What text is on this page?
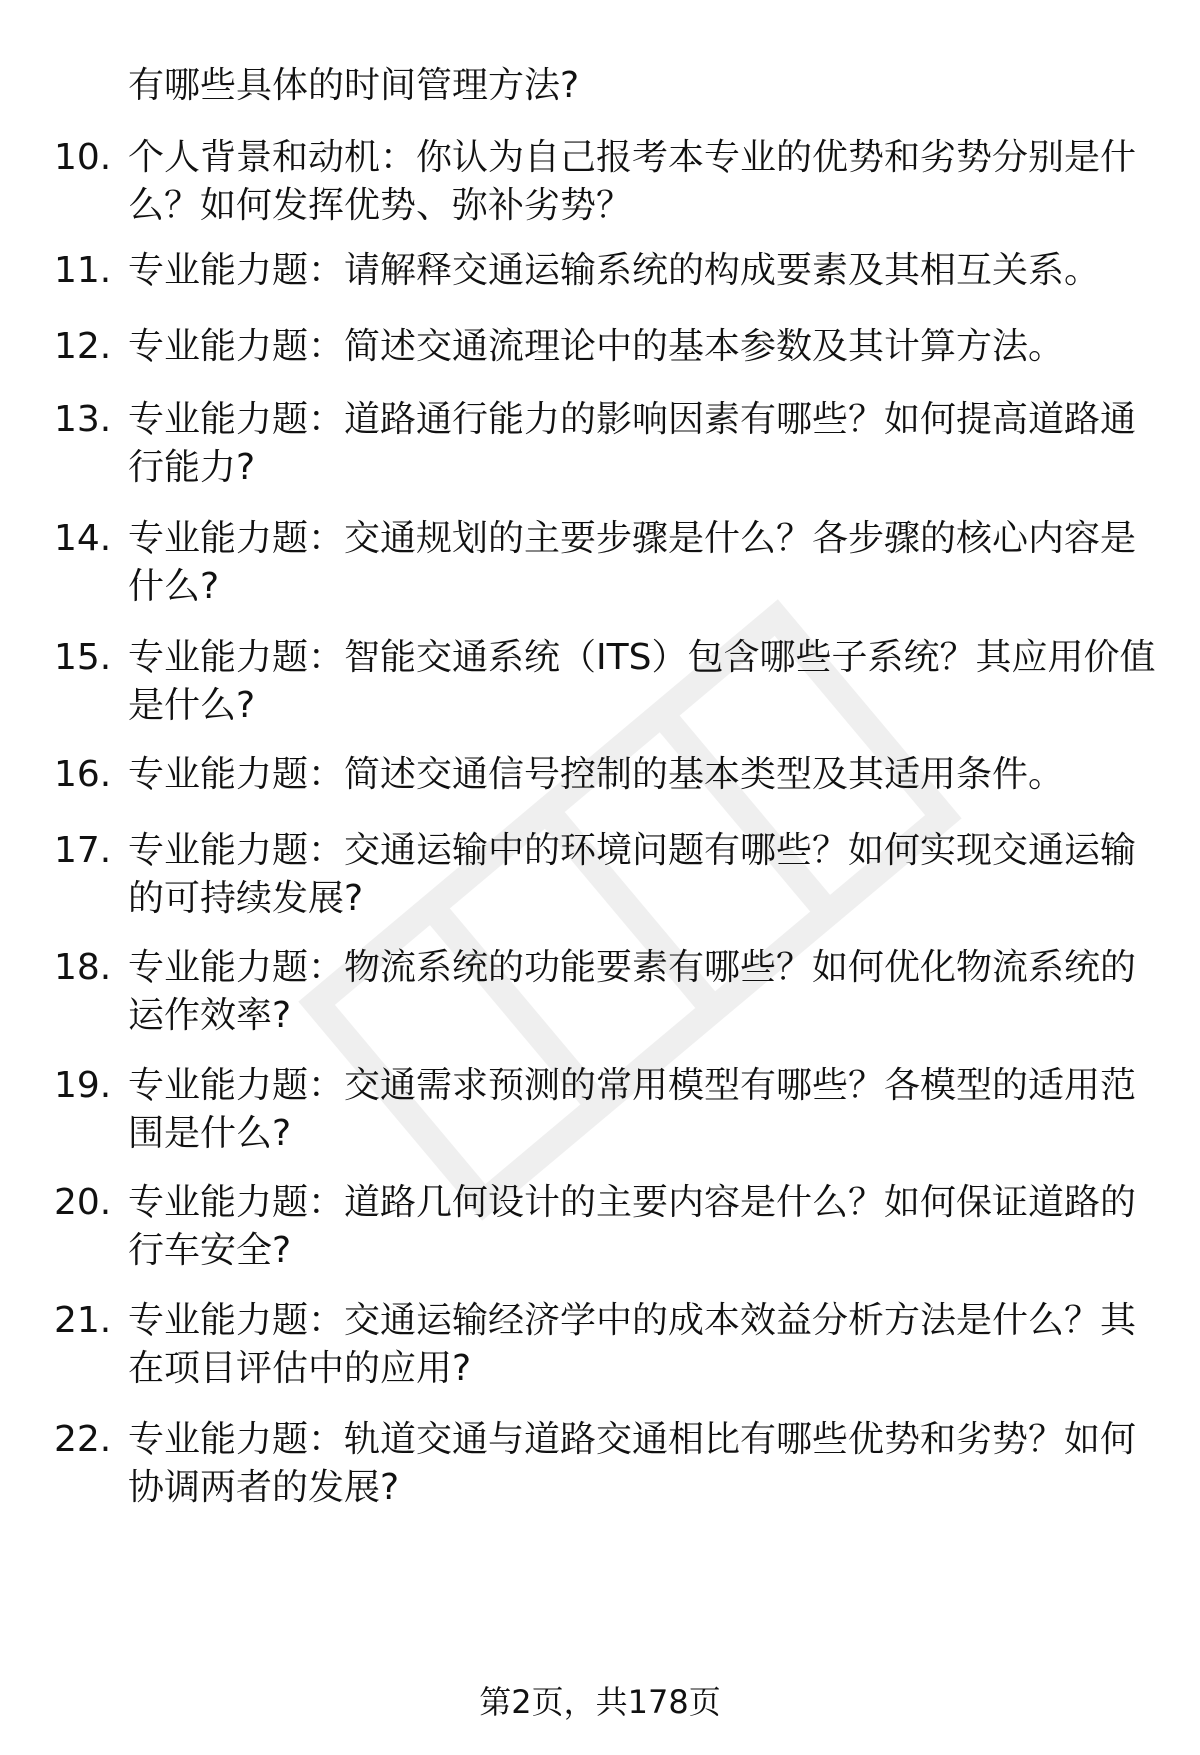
有哪些具体的时间管理方法?
10. 个人背景和动机：你认为自己报考本专业的优势和劣势分别是什
么？如何发挥优势、弥补劣势？
11. 专业能力题：请解释交通运输系统的构成要素及其相互关系。
12. 专业能力题：简述交通流理论中的基本参数及其计算方法。
13. 专业能力题：道路通行能力的影响因素有哪些？如何提高道路通
行能力?
14. 专业能力题：交通规划的主要步骤是什么？各步骤的核心内容是
什么?
15. 专业能力题：智能交通系统（ITS）包含哪些子系统？其应用价值
是什么?
16. 专业能力题：简述交通信号控制的基本类型及其适用条件。
17. 专业能力题：交通运输中的环境问题有哪些？如何实现交通运输
的可持续发展?
18. 专业能力题：物流系统的功能要素有哪些？如何优化物流系统的
运作效率?
19. 专业能力题：交通需求预测的常用模型有哪些？各模型的适用范
围是什么?
20. 专业能力题：道路几何设计的主要内容是什么？如何保证道路的
行车安全?
21. 专业能力题：交通运输经济学中的成本效益分析方法是什么？其
在项目评估中的应用?
22. 专业能力题：轨道交通与道路交通相比有哪些优势和劣势？如何
协调两者的发展?
第2页，共178页
